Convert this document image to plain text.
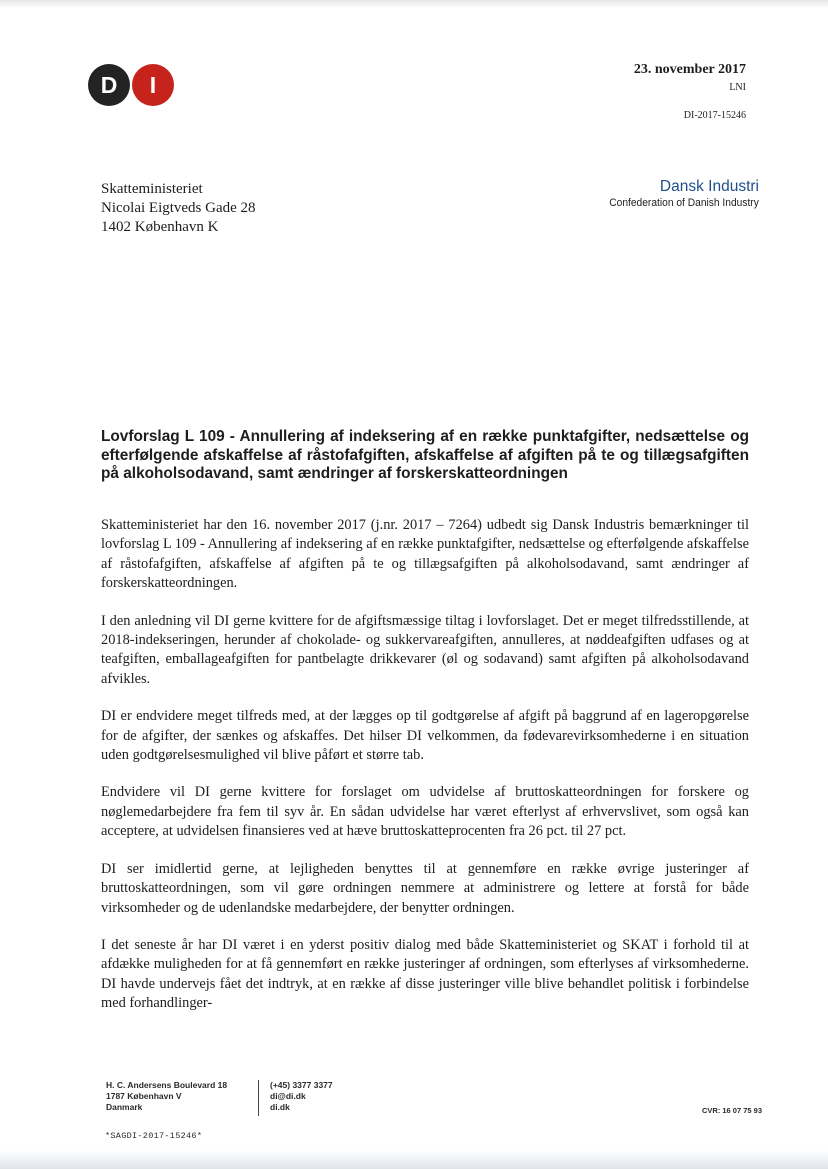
D	I
23. november 2017
LNI
DI-2017-15246
Skatteministeriet
Nicolai Eigtveds Gade 28
1402 København K
Dansk Industri
Confederation of Danish Industry
Lovforslag L 109 - Annullering af indeksering af en række punktafgifter, nedsættelse og efterfølgende afskaffelse af råstofafgiften, afskaffelse af afgiften på te og tillægsafgiften på alkoholsodavand, samt ændringer af forskerskatteordningen

Skatteministeriet har den 16. november 2017 (j.nr. 2017 – 7264) udbedt sig Dansk Industris bemærkninger til lovforslag L 109 - Annullering af indeksering af en række punktafgifter, nedsættelse og efterfølgende afskaffelse af råstofafgiften, afskaffelse af afgiften på te og tillægsafgiften på alkoholsodavand, samt ændringer af forskerskatteordningen.

I den anledning vil DI gerne kvittere for de afgiftsmæssige tiltag i lovforslaget. Det er meget tilfredsstillende, at 2018-indekseringen, herunder af chokolade- og sukkervareafgiften, annulleres, at nøddeafgiften udfases og at teafgiften, emballageafgiften for pantbelagte drikkevarer (øl og sodavand) samt afgiften på alkoholsodavand afvikles.

DI er endvidere meget tilfreds med, at der lægges op til godtgørelse af afgift på baggrund af en lageropgørelse for de afgifter, der sænkes og afskaffes. Det hilser DI velkommen, da fødevarevirksomhederne i en situation uden godtgørelsesmulighed vil blive påført et større tab.

Endvidere vil DI gerne kvittere for forslaget om udvidelse af bruttoskatteordningen for forskere og nøglemedarbejdere fra fem til syv år. En sådan udvidelse har været efterlyst af erhvervslivet, som også kan acceptere, at udvidelsen finansieres ved at hæve bruttoskatteprocenten fra 26 pct. til 27 pct.

DI ser imidlertid gerne, at lejligheden benyttes til at gennemføre en række øvrige justeringer af bruttoskatteordningen, som vil gøre ordningen nemmere at administrere og lettere at forstå for både virksomheder og de udenlandske medarbejdere, der benytter ordningen.

I det seneste år har DI været i en yderst positiv dialog med både Skatteministeriet og SKAT i forhold til at afdække muligheden for at få gennemført en række justeringer af ordningen, som efterlyses af virksomhederne. DI havde undervejs fået det indtryk, at en række af disse justeringer ville blive behandlet politisk i forbindelse med forhandlinger-

H. C. Andersens Boulevard 18
1787 København V
Danmark
(+45) 3377 3377
di@di.dk
di.dk	CVR: 16 07 75 93
*SAGDI-2017-15246*
